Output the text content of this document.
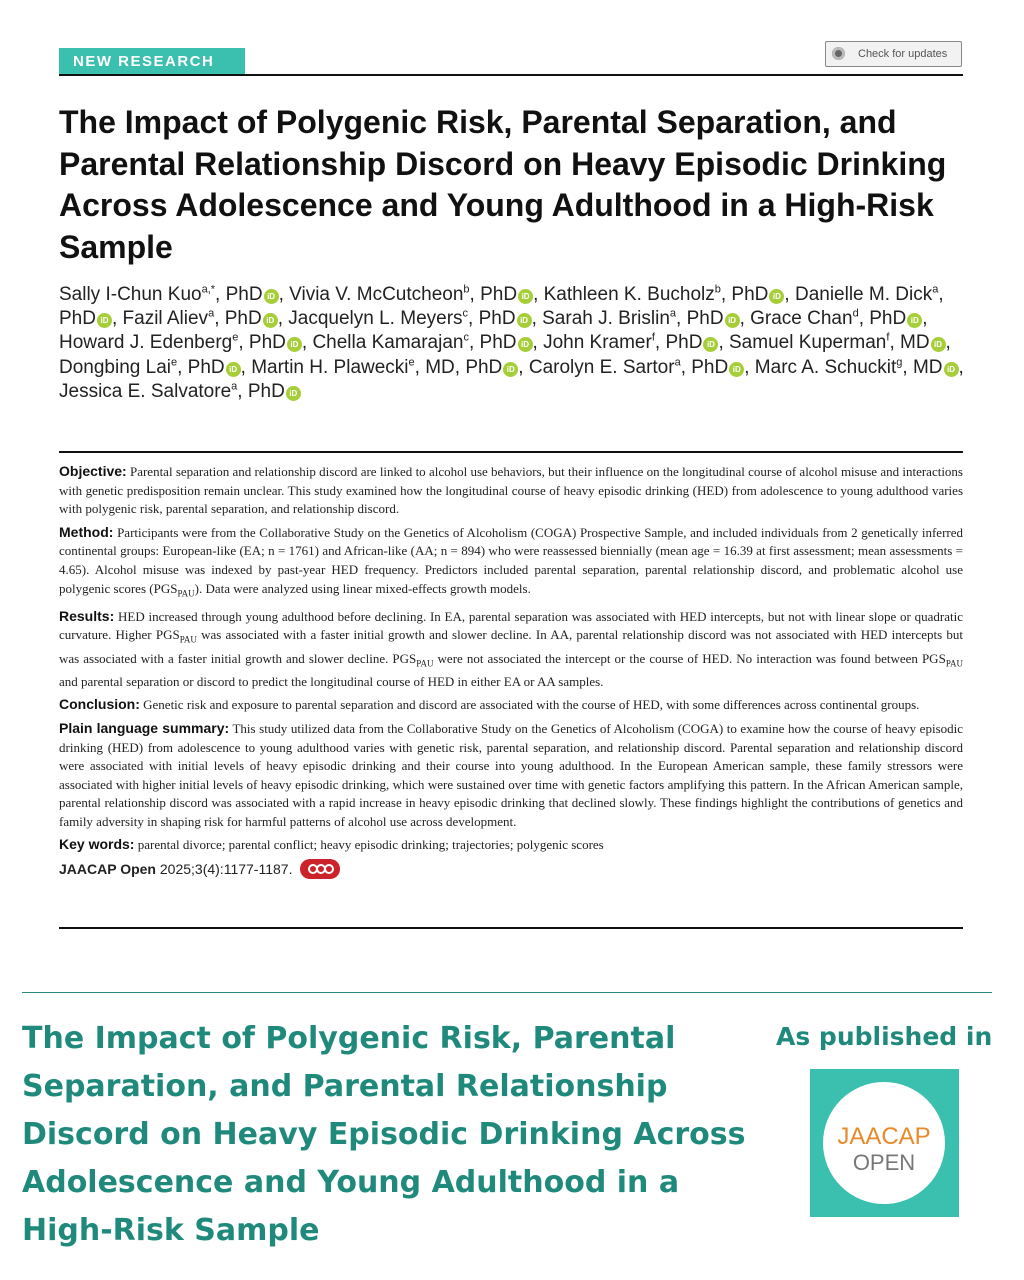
NEW RESEARCH	Check for updates
The Impact of Polygenic Risk, Parental Separation, and Parental Relationship Discord on Heavy Episodic Drinking Across Adolescence and Young Adulthood in a High-Risk Sample
Sally I-Chun Kuo$^{a,*}$, PhD iD , Vivia V. McCutcheon$^b$, PhD iD , Kathleen K. Bucholz$^b$, PhD iD , Danielle M. Dick$^a$, PhD iD , Fazil Aliev$^a$, PhD iD , Jacquelyn L. Meyers$^c$, PhD iD , Sarah J. Brislin$^a$, PhD iD , Grace Chan$^d$, PhD iD , Howard J. Edenberg$^e$, PhD iD , Chella Kamarajan$^c$, PhD iD , John Kramer$^f$, PhD iD , Samuel Kuperman$^f$, MD iD , Dongbing Lai$^e$, PhD iD , Martin H. Plawecki$^e$, MD, PhD iD , Carolyn E. Sartor$^a$, PhD iD , Marc A. Schuckit$^g$, MD iD , Jessica E. Salvatore$^a$, PhD iD

Objective: Parental separation and relationship discord are linked to alcohol use behaviors, but their influence on the longitudinal course of alcohol misuse and interactions with genetic predisposition remain unclear. This study examined how the longitudinal course of heavy episodic drinking (HED) from adolescence to young adulthood varies with polygenic risk, parental separation, and relationship discord.

Method: Participants were from the Collaborative Study on the Genetics of Alcoholism (COGA) Prospective Sample, and included individuals from 2 genetically inferred continental groups: European-like (EA; n = 1761) and African-like (AA; n = 894) who were reassessed biennially (mean age = 16.39 at first assessment; mean assessments = 4.65). Alcohol misuse was indexed by past-year HED frequency. Predictors included parental separation, parental relationship discord, and problematic alcohol use polygenic scores $(PGS_{PAU})$. Data were analyzed using linear mixed-effects growth models.

Results: HED increased through young adulthood before declining. In EA, parental separation was associated with HED intercepts, but not with linear slope or quadratic curvature. Higher $PGS_{PAU}$ was associated with a faster initial growth and slower decline. In AA, parental relationship discord was not associated with HED intercepts but was associated with a faster initial growth and slower decline. $PGS_{PAU}$ were not associated the intercept or the course of HED. No interaction was found between $PGS_{PAU}$ and parental separation or discord to predict the longitudinal course of HED in either EA or AA samples.

Conclusion: Genetic risk and exposure to parental separation and discord are associated with the course of HED, with some differences across continental groups.

Plain language summary: This study utilized data from the Collaborative Study on the Genetics of Alcoholism (COGA) to examine how the course of heavy episodic drinking (HED) from adolescence to young adulthood varies with genetic risk, parental separation, and relationship discord. Parental separation and relationship discord were associated with initial levels of heavy episodic drinking and their course into young adulthood. In the European American sample, these family stressors were associated with higher initial levels of heavy episodic drinking, which were sustained over time with genetic factors amplifying this pattern. In the African American sample, parental relationship discord was associated with a rapid increase in heavy episodic drinking that declined slowly. These findings highlight the contributions of genetics and family adversity in shaping risk for harmful patterns of alcohol use across development.

Key words: parental divorce; parental conflict; heavy episodic drinking; trajectories; polygenic scores

JAACAP Open 2025;3(4):1177-1187.
The Impact of Polygenic Risk, Parental Separation, and Parental Relationship Discord on Heavy Episodic Drinking Across Adolescence and Young Adulthood in a High-Risk Sample
As published in
JAACAP
OPEN
